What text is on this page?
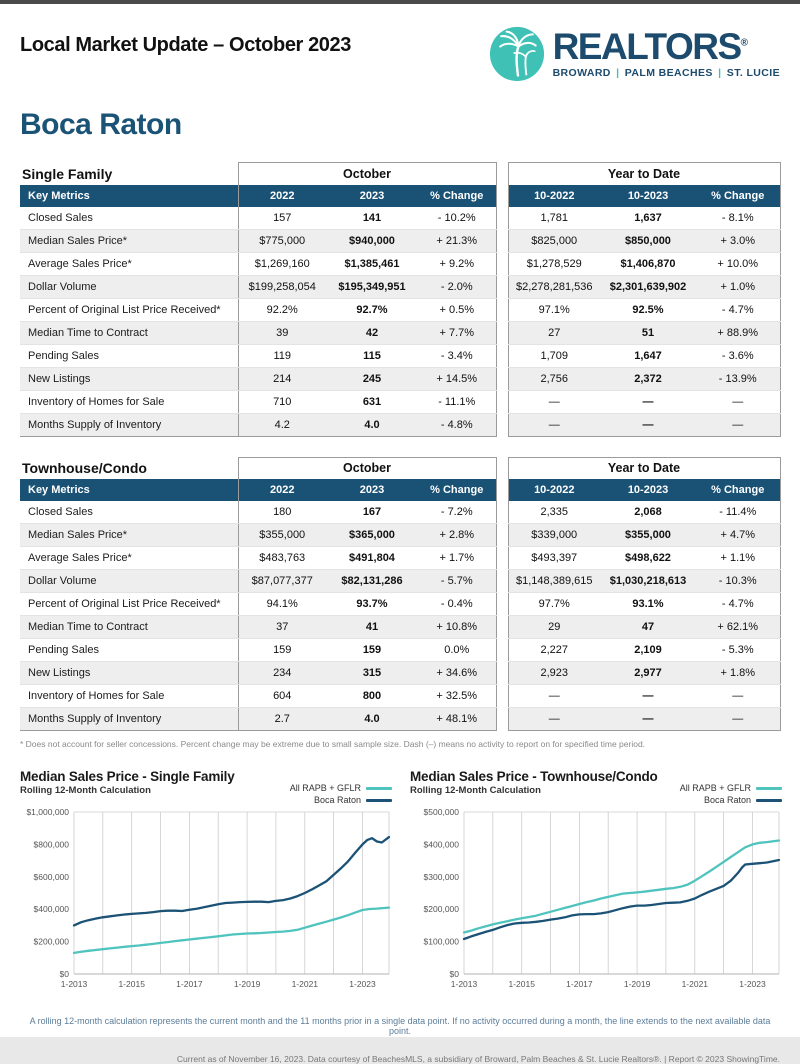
Local Market Update – October 2023	REALTORS®
BROWARD | PALM BEACHES | ST. LUCIE
Boca Raton
Single Family	October				Year to Date		
Key Metrics	2022	2023	% Change		10-2022	10-2023	% Change
Closed Sales	157	141	- 10.2%		1,781	1,637	- 8.1%
Median Sales Price*	$775,000	$940,000	+ 21.3%		$825,000	$850,000	+ 3.0%
Average Sales Price*	$1,269,160	$1,385,461	+ 9.2%		$1,278,529	$1,406,870	+ 10.0%
Dollar Volume	$199,258,054	$195,349,951	- 2.0%		$2,278,281,536	$2,301,639,902	+ 1.0%
Percent of Original List Price Received*	92.2%	92.7%	+ 0.5%		97.1%	92.5%	- 4.7%
Median Time to Contract	39	42	+ 7.7%		27	51	+ 88.9%
Pending Sales	119	115	- 3.4%		1,709	1,647	- 3.6%
New Listings	214	245	+ 14.5%		2,756	2,372	- 13.9%
Inventory of Homes for Sale	710	631	- 11.1%		—	—	—
Months Supply of Inventory	4.2	4.0	- 4.8%		—	—	—
Townhouse/Condo	October				Year to Date		
Key Metrics	2022	2023	% Change		10-2022	10-2023	% Change
Closed Sales	180	167	- 7.2%		2,335	2,068	- 11.4%
Median Sales Price*	$355,000	$365,000	+ 2.8%		$339,000	$355,000	+ 4.7%
Average Sales Price*	$483,763	$491,804	+ 1.7%		$493,397	$498,622	+ 1.1%
Dollar Volume	$87,077,377	$82,131,286	- 5.7%		$1,148,389,615	$1,030,218,613	- 10.3%
Percent of Original List Price Received*	94.1%	93.7%	- 0.4%		97.7%	93.1%	- 4.7%
Median Time to Contract	37	41	+ 10.8%		29	47	+ 62.1%
Pending Sales	159	159	0.0%		2,227	2,109	- 5.3%
New Listings	234	315	+ 34.6%		2,923	2,977	+ 1.8%
Inventory of Homes for Sale	604	800	+ 32.5%		—	—	—
Months Supply of Inventory	2.7	4.0	+ 48.1%		—	—	—
* Does not account for seller concessions. Percent change may be extreme due to small sample size. Dash (–) means no activity to report on for specified time period.
Median Sales Price - Single Family
Rolling 12-Month Calculation	All RAPB + GFLR
Boca Raton
$0
$200,000
$400,000
$600,000
$800,000
$1,000,000
1-2013	1-2015	1-2017	1-2019	1-2021	1-2023
Median Sales Price - Townhouse/Condo
Rolling 12-Month Calculation	All RAPB + GFLR
Boca Raton
$0
$100,000
$200,000
$300,000
$400,000
$500,000
1-2013	1-2015	1-2017	1-2019	1-2021	1-2023
A rolling 12-month calculation represents the current month and the 11 months prior in a single data point. If no activity occurred during a month, the line extends to the next available data point.
Current as of November 16, 2023. Data courtesy of BeachesMLS, a subsidiary of Broward, Palm Beaches & St. Lucie Realtors®. | Report © 2023 ShowingTime.
